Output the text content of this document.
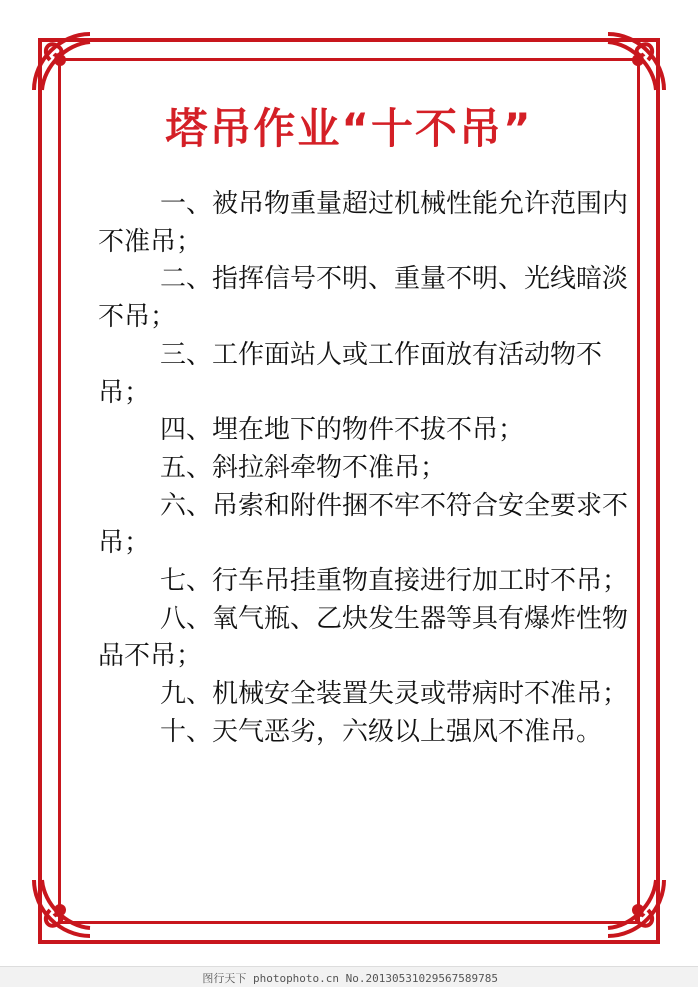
塔吊作业“十不吊”

一、被吊物重量超过机械性能允许范围内不准吊；

二、指挥信号不明、重量不明、光线暗淡不吊；

三、工作面站人或工作面放有活动物不吊；

四、埋在地下的物件不拔不吊；

五、斜拉斜牵物不准吊；

六、吊索和附件捆不牢不符合安全要求不吊；

七、行车吊挂重物直接进行加工时不吊；

八、氧气瓶、乙炔发生器等具有爆炸性物品不吊；

九、机械安全装置失灵或带病时不准吊；

十、天气恶劣，六级以上强风不准吊。

图行天下 photophoto.cn No.20130531029567589785
